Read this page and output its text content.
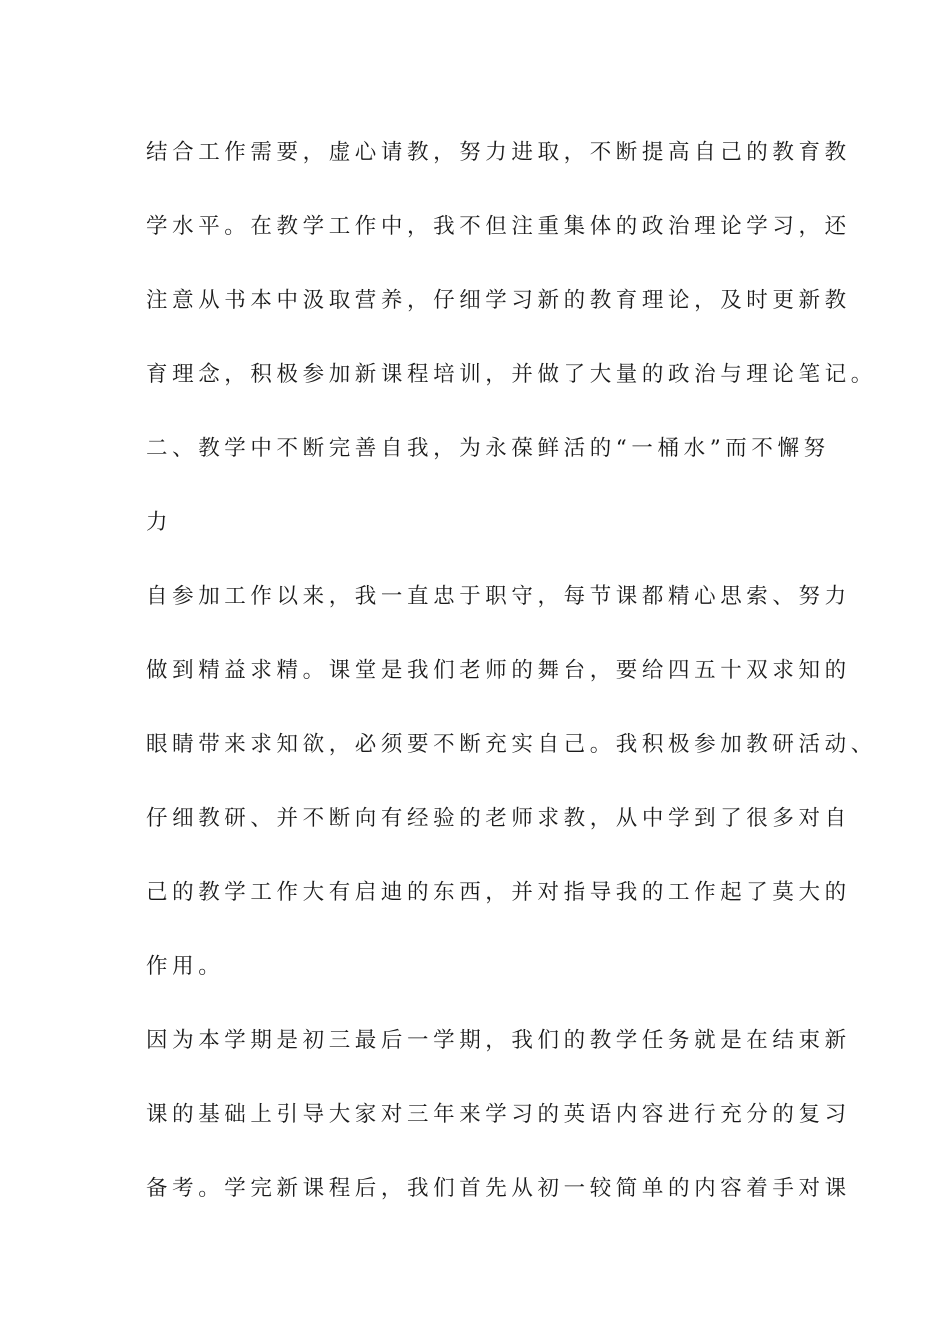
结合工作需要，虚心请教，努力进取，不断提高自己的教育教
学水平。在教学工作中，我不但注重集体的政治理论学习，还
注意从书本中汲取营养，仔细学习新的教育理论，及时更新教
育理念，积极参加新课程培训，并做了大量的政治与理论笔记。
二、教学中不断完善自我，为永葆鲜活的“一桶水”而不懈努
力
自参加工作以来，我一直忠于职守，每节课都精心思索、努力
做到精益求精。课堂是我们老师的舞台，要给四五十双求知的
眼睛带来求知欲，必须要不断充实自己。我积极参加教研活动、
仔细教研、并不断向有经验的老师求教，从中学到了很多对自
己的教学工作大有启迪的东西，并对指导我的工作起了莫大的
作用。
因为本学期是初三最后一学期，我们的教学任务就是在结束新
课的基础上引导大家对三年来学习的英语内容进行充分的复习
备考。学完新课程后，我们首先从初一较简单的内容着手对课
